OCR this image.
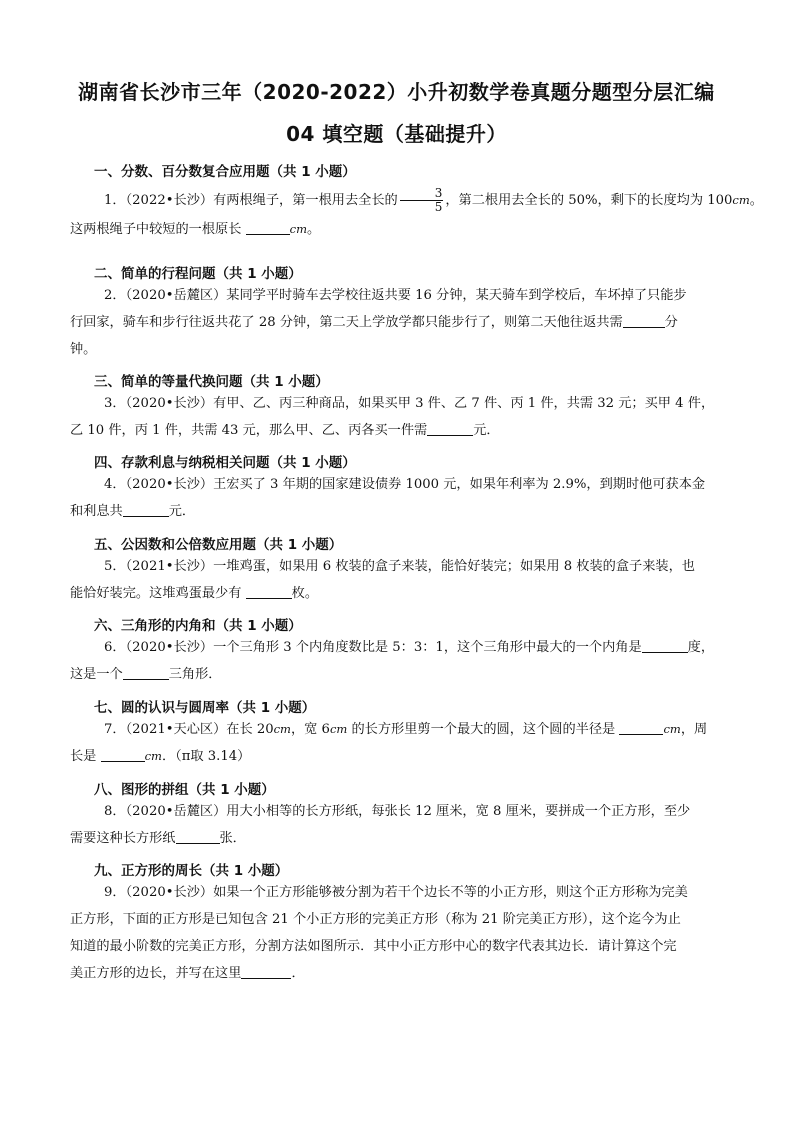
湖南省长沙市三年（2020-2022）小升初数学卷真题分题型分层汇编
04 填空题（基础提升）
一、分数、百分数复合应用题（共 1 小题）
1．（2022•长沙）有两根绳子，第一根用去全长的 $\frac{3}{5}$ ，第二根用去全长的 50%，剩下的长度均为 100cm。
这两根绳子中较短的一根原长	cm。
二、简单的行程问题（共 1 小题）
2．（2020•岳麓区）某同学平时骑车去学校往返共要 16 分钟，某天骑车到学校后，车坏掉了只能步
行回家，骑车和步行往返共花了 28 分钟，第二天上学放学都只能步行了，则第二天他往返共需	分
钟。
三、简单的等量代换问题（共 1 小题）
3．（2020•长沙）有甲、乙、丙三种商品，如果买甲 3 件、乙 7 件、丙 1 件，共需 32 元；买甲 4 件，
乙 10 件，丙 1 件，共需 43 元，那么甲、乙、丙各买一件需	元．
四、存款利息与纳税相关问题（共 1 小题）
4．（2020•长沙）王宏买了 3 年期的国家建设债券 1000 元，如果年利率为 2.9%，到期时他可获本金
和利息共	元．
五、公因数和公倍数应用题（共 1 小题）
5．（2021•长沙）一堆鸡蛋，如果用 6 枚装的盒子来装，能恰好装完；如果用 8 枚装的盒子来装，也
能恰好装完。这堆鸡蛋最少有	枚。
六、三角形的内角和（共 1 小题）
6．（2020•长沙）一个三角形 3 个内角度数比是 5：3：1，这个三角形中最大的一个内角是	度，
这是一个	三角形．
七、圆的认识与圆周率（共 1 小题）
7．（2021•天心区）在长 20cm，宽 6cm 的长方形里剪一个最大的圆，这个圆的半径是	cm，周
长是	cm．（π取 3.14）
八、图形的拼组（共 1 小题）
8．（2020•岳麓区）用大小相等的长方形纸，每张长 12 厘米，宽 8 厘米，要拼成一个正方形，至少
需要这种长方形纸	张．
九、正方形的周长（共 1 小题）
9．（2020•长沙）如果一个正方形能够被分割为若干个边长不等的小正方形，则这个正方形称为完美
正方形，下面的正方形是已知包含 21 个小正方形的完美正方形（称为 21 阶完美正方形），这个迄今为止
知道的最小阶数的完美正方形，分割方法如图所示．其中小正方形中心的数字代表其边长．请计算这个完
美正方形的边长，并写在这里	．
